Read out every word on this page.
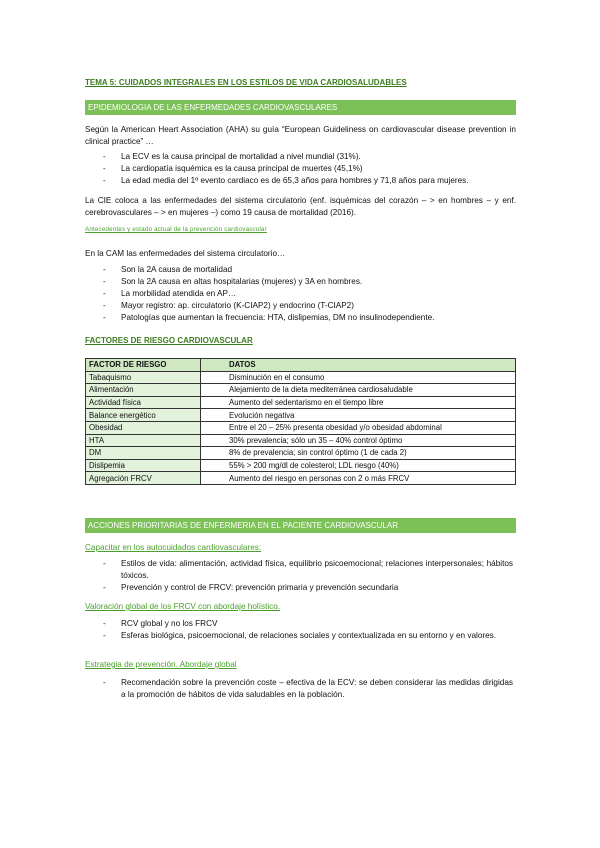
TEMA 5: CUIDADOS INTEGRALES EN LOS ESTILOS DE VIDA CARDIOSALUDABLES
EPIDEMIOLOGIA DE LAS ENFERMEDADES CARDIOVASCULARES
Según la American Heart Association (AHA) su guía “European Guideliness on cardiovascular disease prevention in clinical practice” …
- La ECV es la causa principal de mortalidad a nivel mundial (31%).
- La cardiopatía isquémica es la causa principal de muertes (45,1%)
- La edad media del 1º evento cardiaco es de 65,3 años para hombres y 71,8 años para mujeres.
La CIE coloca a las enfermedades del sistema circulatorio (enf. isquémicas del corazón – > en hombres – y enf. cerebrovasculares – > en mujeres –) como 19 causa de mortalidad (2016).
Antecedentes y estado actual de la prevención cardiovascular
En la CAM las enfermedades del sistema circulatorio…
- Son la 2A causa de mortalidad
- Son la 2A causa en altas hospitalarias (mujeres) y 3A en hombres.
- La morbilidad atendida en AP…
- Mayor registro: ap. circulatorio (K-CIAP2) y endocrino (T-CIAP2)
- Patologías que aumentan la frecuencia: HTA, dislipemias, DM no insulinodependiente.
FACTORES DE RIESGO CARDIOVASCULAR
FACTOR DE RIESGO	DATOS
Tabaquismo	Disminución en el consumo
Alimentación	Alejamiento de la dieta mediterránea cardiosaludable
Actividad física	Aumento del sedentarismo en el tiempo libre
Balance energético	Evolución negativa
Obesidad	Entre el 20 – 25% presenta obesidad y/o obesidad abdominal
HTA	30% prevalencia; sólo un 35 – 40% control óptimo
DM	8% de prevalencia; sin control óptimo (1 de cada 2)
Dislipemia	55% > 200 mg/dl de colesterol; LDL riesgo (40%)
Agregación FRCV	Aumento del riesgo en personas con 2 o más FRCV
ACCIONES PRIORITARIAS DE ENFERMERIA EN EL PACIENTE CARDIOVASCULAR
Capacitar en los autocuidados cardiovasculares:
- Estilos de vida: alimentación, actividad física, equilibrio psicoemocional; relaciones interpersonales; hábitos tóxicos.
- Prevención y control de FRCV: prevención primaria y prevención secundaria
Valoración global de los FRCV con abordaje holístico.
- RCV global y no los FRCV
- Esferas biológica, psicoemocional, de relaciones sociales y contextualizada en su entorno y en valores.
Estrategia de prevención. Abordaje global
- Recomendación sobre la prevención coste – efectiva de la ECV: se deben considerar las medidas dirigidas a la promoción de hábitos de vida saludables en la población.
